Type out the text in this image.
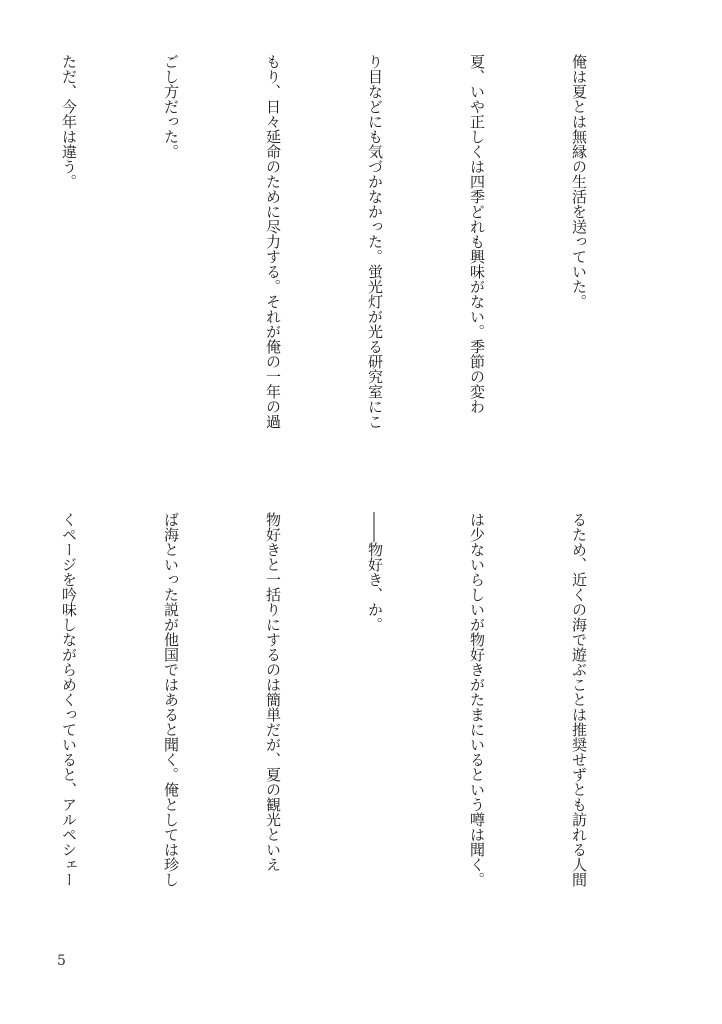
俺は夏とは無縁の生活を送っていた。

夏、いや正しくは四季どれも興味がない。季節の変わ

り目などにも気づかなかった。蛍光灯が光る研究室にこ

もり、日々延命のために尽力する。それが俺の一年の過

ごし方だった。

ただ、今年は違う。

るため、近くの海で遊ぶことは推奨せずとも訪れる人間

は少ないらしいが物好きがたまにいるという噂は聞く。

――物好き、か。

物好きと一括りにするのは簡単だが、夏の観光といえ

ば海といった説が他国ではあると聞く。俺としては珍し

くページを吟味しながらめくっていると、アルペシェー

5
